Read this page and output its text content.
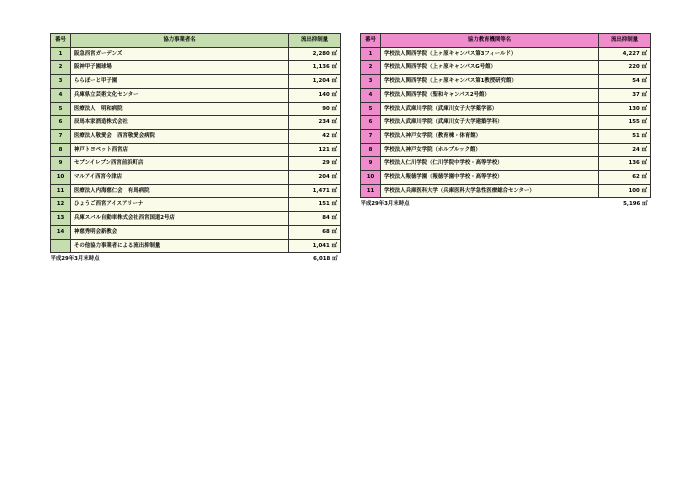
番号	協力事業者名	流出抑制量
1	阪急西宮ガーデンズ	2,280 ㎥
2	阪神甲子園球場	1,136 ㎥
3	ららぽーと甲子園	1,204 ㎥
4	兵庫県立芸術文化センター	140 ㎥
5	医療法人　明和病院	90 ㎥
6	辰馬本家酒造株式会社	234 ㎥
7	医療法人敬愛会　西宮敬愛会病院	42 ㎥
8	神戸トヨペット西宮店	121 ㎥
9	セブンイレブン西宮前浜町店	29 ㎥
10	マルアイ西宮今津店	204 ㎥
11	医療法人内海慈仁会　有馬病院	1,471 ㎥
12	ひょうご西宮アイスアリーナ	151 ㎥
13	兵庫スバル自動車株式会社西宮国道2号店	84 ㎥
14	神慈秀明会新教会	68 ㎥
	その他協力事業者による流出抑制量	1,041 ㎥
平成29年3月末時点		6,018 ㎥
番号	協力教育機関等名	流出抑制量
1	学校法人関西学院（上ヶ原キャンパス第3フィールド）	4,227 ㎥
2	学校法人関西学院（上ヶ原キャンパスG号館）	220 ㎥
3	学校法人関西学院（上ヶ原キャンパス第1教授研究館）	54 ㎥
4	学校法人関西学院（聖和キャンパス2号館）	37 ㎥
5	学校法人武庫川学院（武庫川女子大学薬学部）	130 ㎥
6	学校法人武庫川学院（武庫川女子大学建築学科）	155 ㎥
7	学校法人神戸女学院（教育棟・体育館）	51 ㎥
8	学校法人神戸女学院（ホルブルック館）	24 ㎥
9	学校法人仁川学院（仁川学院中学校・高等学校）	136 ㎥
10	学校法人報徳学園（報徳学園中学校・高等学校）	62 ㎥
11	学校法人兵庫医科大学（兵庫医科大学急性医療総合センター）	100 ㎥
平成29年3月末時点		5,196 ㎥
